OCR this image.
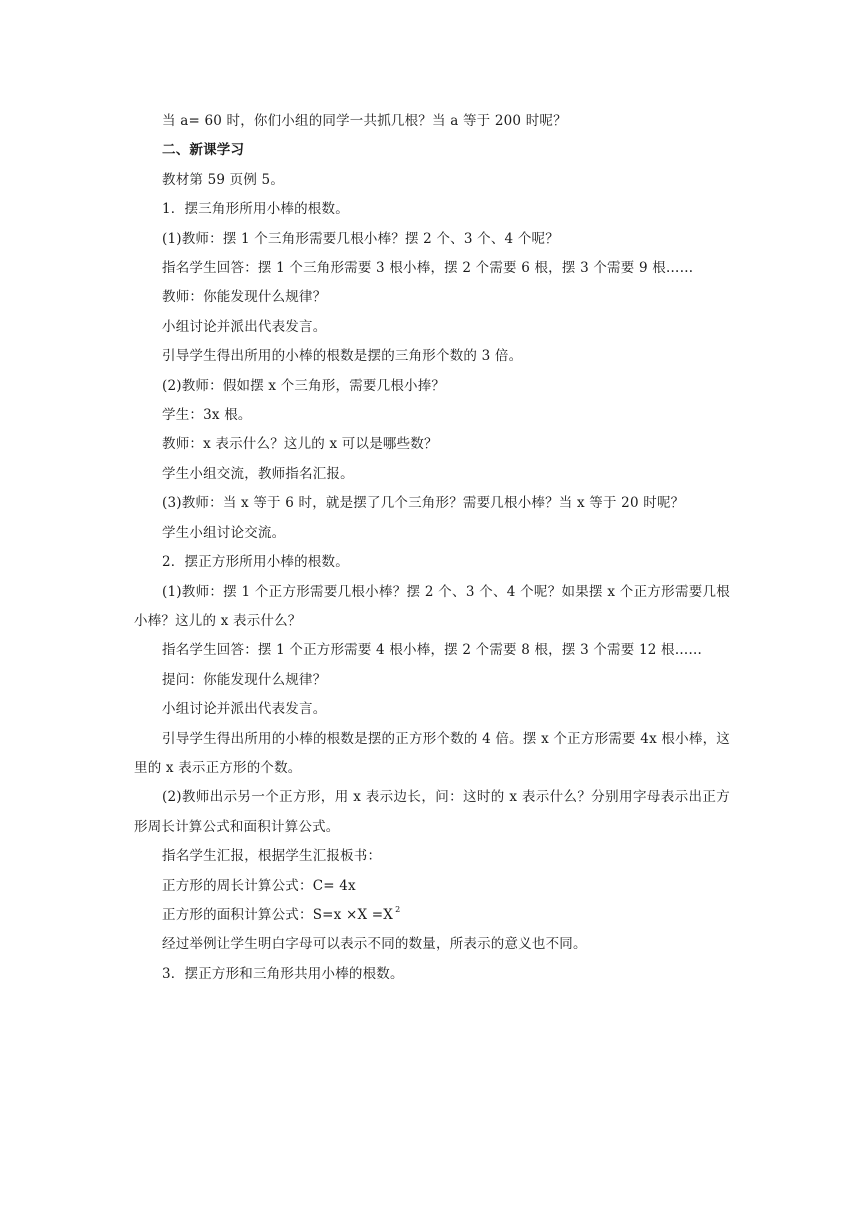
当 a= 60 时，你们小组的同学一共抓几根？当 a 等于 200 时呢？
二、新课学习
教材第 59 页例 5。
1．摆三角形所用小棒的根数。
(1)教师：摆 1 个三角形需要几根小棒？摆 2 个、3 个、4 个呢？
指名学生回答：摆 1 个三角形需要 3 根小棒，摆 2 个需要 6 根，摆 3 个需要 9 根……
教师：你能发现什么规律？
小组讨论并派出代表发言。
引导学生得出所用的小棒的根数是摆的三角形个数的 3 倍。
(2)教师：假如摆 x 个三角形，需要几根小捧？
学生：3x 根。
教师：x 表示什么？这儿的 x 可以是哪些数？
学生小组交流，教师指名汇报。
(3)教师：当 x 等于 6 时，就是摆了几个三角形？需要几根小棒？当 x 等于 20 时呢？
学生小组讨论交流。
2．摆正方形所用小棒的根数。
(1)教师：摆 1 个正方形需要几根小棒？摆 2 个、3 个、4 个呢？如果摆 x 个正方形需要几根小棒？这儿的 x 表示什么？
指名学生回答：摆 1 个正方形需要 4 根小棒，摆 2 个需要 8 根，摆 3 个需要 12 根……
提问：你能发现什么规律？
小组讨论并派出代表发言。
引导学生得出所用的小棒的根数是摆的正方形个数的 4 倍。摆 x 个正方形需要 4x 根小棒，这里的 x 表示正方形的个数。
(2)教师出示另一个正方形，用 x 表示边长，问：这时的 x 表示什么？分别用字母表示出正方形周长计算公式和面积计算公式。
指名学生汇报，根据学生汇报板书：
正方形的周长计算公式：C= 4x
正方形的面积计算公式：S=x ×X =X $^2$
经过举例让学生明白字母可以表示不同的数量，所表示的意义也不同。
3．摆正方形和三角形共用小棒的根数。
